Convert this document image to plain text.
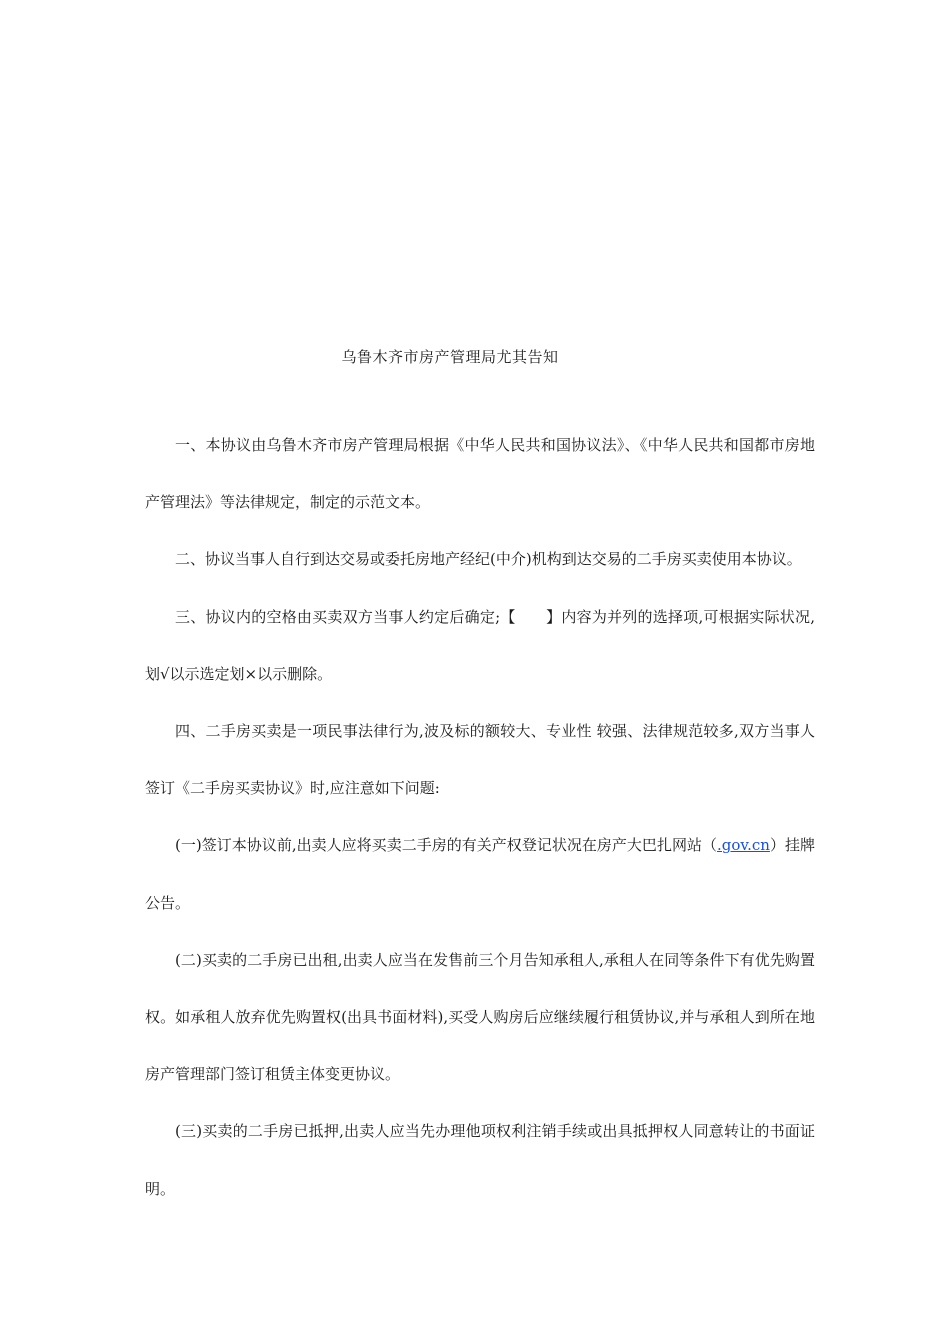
乌鲁木齐市房产管理局尤其告知

一、本协议由乌鲁木齐市房产管理局根据《中华人民共和国协议法》、《中华人民共和国都市房地产管理法》等法律规定，制定的示范文本。

二、协议当事人自行到达交易或委托房地产经纪(中介)机构到达交易的二手房买卖使用本协议。

三、协议内的空格由买卖双方当事人约定后确定;【　　】内容为并列的选择项,可根据实际状况,划√以示选定划×以示删除。

四、二手房买卖是一项民事法律行为,波及标的额较大、专业性 较强、法律规范较多,双方当事人签订《二手房买卖协议》时,应注意如下问题:

(一)签订本协议前,出卖人应将买卖二手房的有关产权登记状况在房产大巴扎网站（.gov.cn）挂牌公告。

(二)买卖的二手房已出租,出卖人应当在发售前三个月告知承租人,承租人在同等条件下有优先购置权。如承租人放弃优先购置权(出具书面材料),买受人购房后应继续履行租赁协议,并与承租人到所在地房产管理部门签订租赁主体变更协议。

(三)买卖的二手房已抵押,出卖人应当先办理他项权利注销手续或出具抵押权人同意转让的书面证明。
